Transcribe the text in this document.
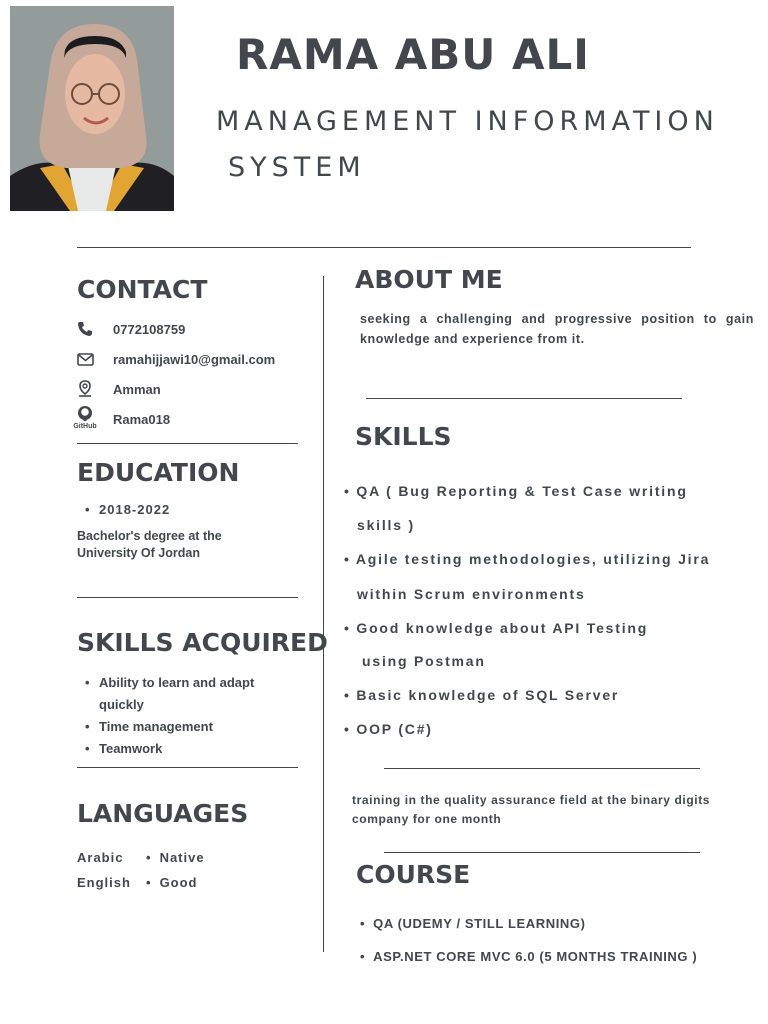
RAMA ABU ALI
MANAGEMENT INFORMATION
SYSTEM
CONTACT
0772108759
ramahijjawi10@gmail.com
Amman
GitHub Rama018
EDUCATION
• 2018-2022
Bachelor's degree at the
University Of Jordan
SKILLS ACQUIRED
• Ability to learn and adapt
quickly
• Time management
• Teamwork
LANGUAGES
Arabic • Native
English • Good
ABOUT ME
seeking a challenging and progressive position to gain
knowledge and experience from it.
SKILLS
• QA ( Bug Reporting & Test Case writing
skills )
• Agile testing methodologies, utilizing Jira
within Scrum environments
• Good knowledge about API Testing
using Postman
• Basic knowledge of SQL Server
• OOP (C#)
training in the quality assurance field at the binary digits
company for one month
COURSE
• QA (UDEMY / STILL LEARNING)
• ASP.NET CORE MVC 6.0 (5 MONTHS TRAINING )
